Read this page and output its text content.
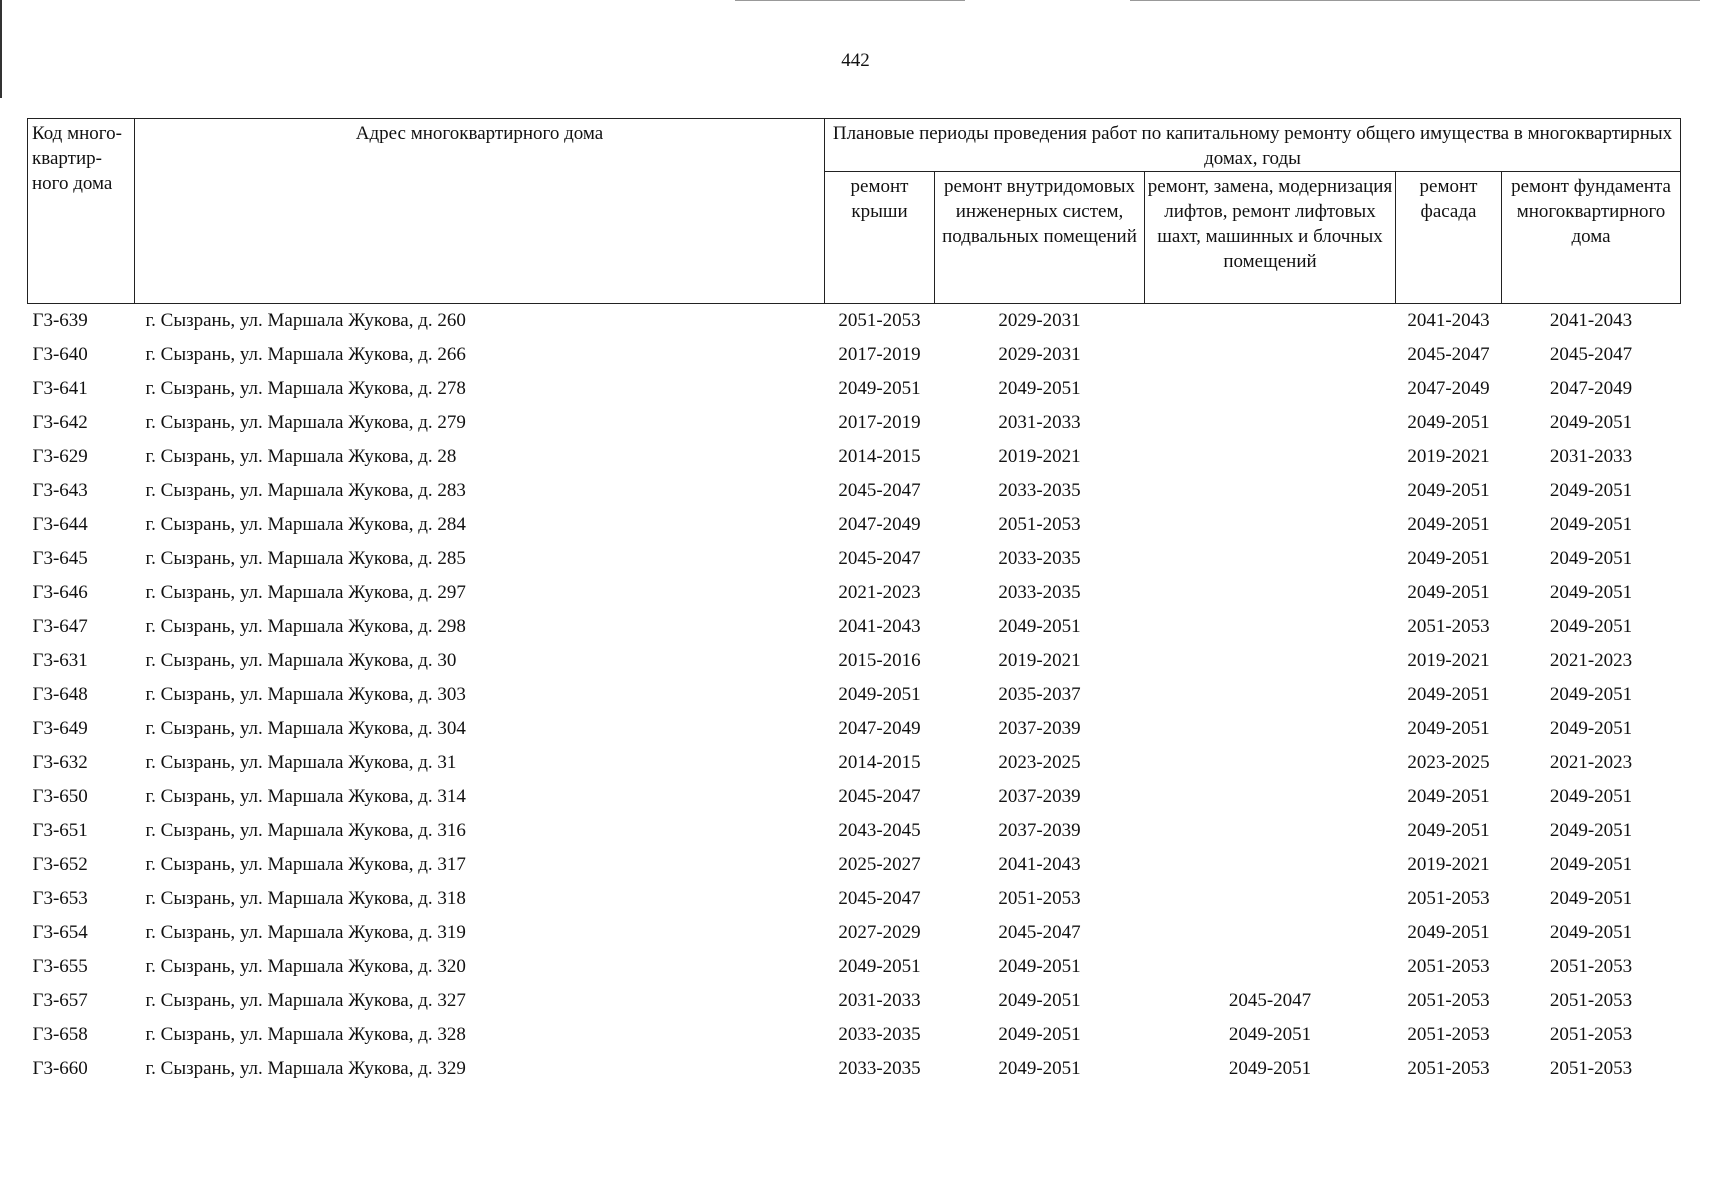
442
Код много-квартир-ного дома	Адрес многоквартирного дома	Плановые периоды проведения работ по капитальному ремонту общего имущества в многоквартирных домах, годы				
		ремонт крыши	ремонт внутридомовых инженерных систем, подвальных помещений	ремонт, замена, модернизация лифтов, ремонт лифтовых шахт, машинных и блочных помещений	ремонт фасада	ремонт фундамента многоквартирного дома
Г3-639	г. Сызрань, ул. Маршала Жукова, д. 260	2051-2053	2029-2031		2041-2043	2041-2043
Г3-640	г. Сызрань, ул. Маршала Жукова, д. 266	2017-2019	2029-2031		2045-2047	2045-2047
Г3-641	г. Сызрань, ул. Маршала Жукова, д. 278	2049-2051	2049-2051		2047-2049	2047-2049
Г3-642	г. Сызрань, ул. Маршала Жукова, д. 279	2017-2019	2031-2033		2049-2051	2049-2051
Г3-629	г. Сызрань, ул. Маршала Жукова, д. 28	2014-2015	2019-2021		2019-2021	2031-2033
Г3-643	г. Сызрань, ул. Маршала Жукова, д. 283	2045-2047	2033-2035		2049-2051	2049-2051
Г3-644	г. Сызрань, ул. Маршала Жукова, д. 284	2047-2049	2051-2053		2049-2051	2049-2051
Г3-645	г. Сызрань, ул. Маршала Жукова, д. 285	2045-2047	2033-2035		2049-2051	2049-2051
Г3-646	г. Сызрань, ул. Маршала Жукова, д. 297	2021-2023	2033-2035		2049-2051	2049-2051
Г3-647	г. Сызрань, ул. Маршала Жукова, д. 298	2041-2043	2049-2051		2051-2053	2049-2051
Г3-631	г. Сызрань, ул. Маршала Жукова, д. 30	2015-2016	2019-2021		2019-2021	2021-2023
Г3-648	г. Сызрань, ул. Маршала Жукова, д. 303	2049-2051	2035-2037		2049-2051	2049-2051
Г3-649	г. Сызрань, ул. Маршала Жукова, д. 304	2047-2049	2037-2039		2049-2051	2049-2051
Г3-632	г. Сызрань, ул. Маршала Жукова, д. 31	2014-2015	2023-2025		2023-2025	2021-2023
Г3-650	г. Сызрань, ул. Маршала Жукова, д. 314	2045-2047	2037-2039		2049-2051	2049-2051
Г3-651	г. Сызрань, ул. Маршала Жукова, д. 316	2043-2045	2037-2039		2049-2051	2049-2051
Г3-652	г. Сызрань, ул. Маршала Жукова, д. 317	2025-2027	2041-2043		2019-2021	2049-2051
Г3-653	г. Сызрань, ул. Маршала Жукова, д. 318	2045-2047	2051-2053		2051-2053	2049-2051
Г3-654	г. Сызрань, ул. Маршала Жукова, д. 319	2027-2029	2045-2047		2049-2051	2049-2051
Г3-655	г. Сызрань, ул. Маршала Жукова, д. 320	2049-2051	2049-2051		2051-2053	2051-2053
Г3-657	г. Сызрань, ул. Маршала Жукова, д. 327	2031-2033	2049-2051	2045-2047	2051-2053	2051-2053
Г3-658	г. Сызрань, ул. Маршала Жукова, д. 328	2033-2035	2049-2051	2049-2051	2051-2053	2051-2053
Г3-660	г. Сызрань, ул. Маршала Жукова, д. 329	2033-2035	2049-2051	2049-2051	2051-2053	2051-2053
